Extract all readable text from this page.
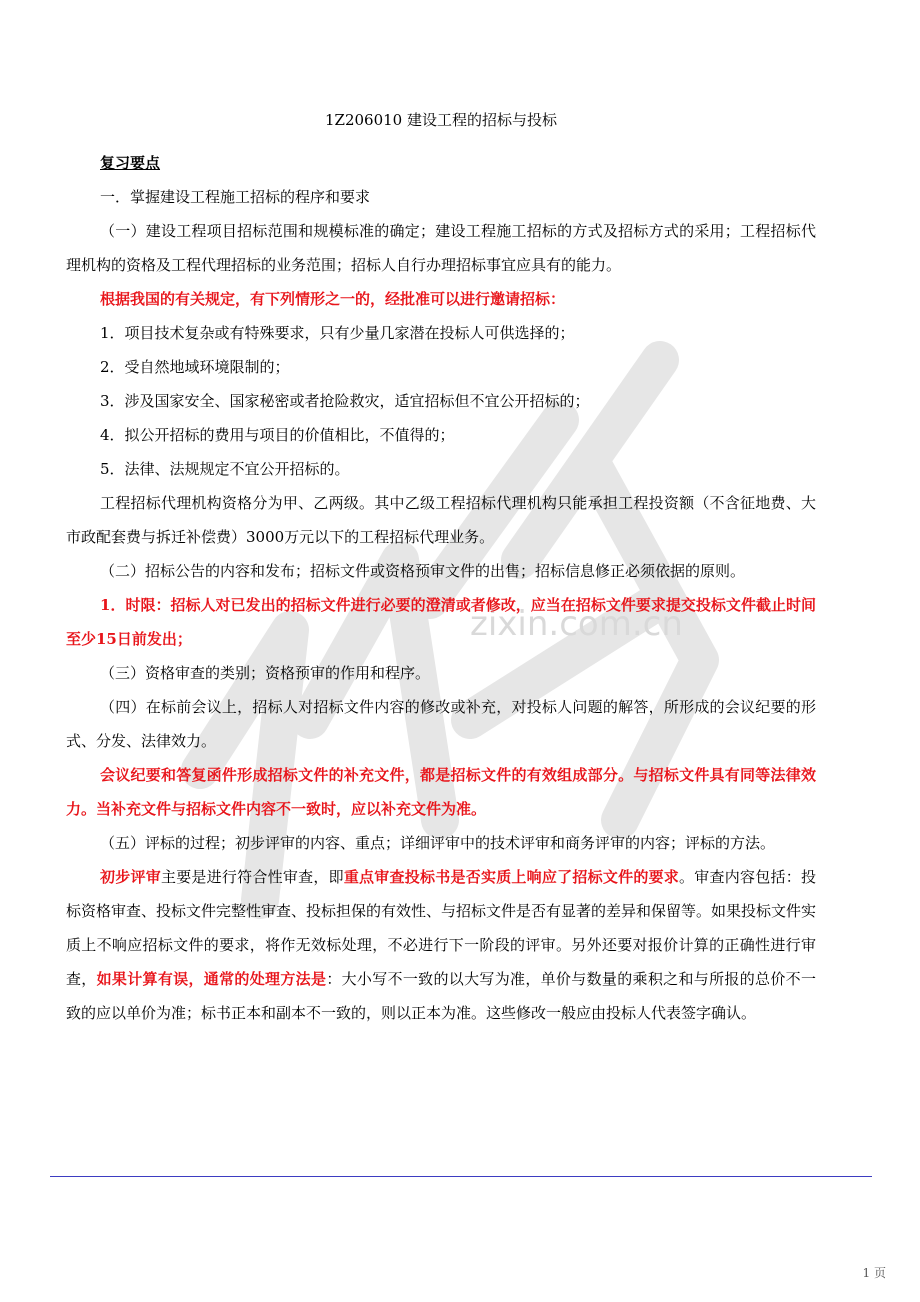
zixin.com.cn

1Z206010 建设工程的招标与投标

复习要点

一．掌握建设工程施工招标的程序和要求

（一）建设工程项目招标范围和规模标准的确定；建设工程施工招标的方式及招标方式的采用；工程招标代理机构的资格及工程代理招标的业务范围；招标人自行办理招标事宜应具有的能力。

根据我国的有关规定，有下列情形之一的，经批准可以进行邀请招标：

1．项目技术复杂或有特殊要求，只有少量几家潜在投标人可供选择的；

2．受自然地域环境限制的；

3．涉及国家安全、国家秘密或者抢险救灾，适宜招标但不宜公开招标的；

4．拟公开招标的费用与项目的价值相比，不值得的；

5．法律、法规规定不宜公开招标的。

工程招标代理机构资格分为甲、乙两级。其中乙级工程招标代理机构只能承担工程投资额（不含征地费、大市政配套费与拆迁补偿费）3000万元以下的工程招标代理业务。

（二）招标公告的内容和发布；招标文件或资格预审文件的出售；招标信息修正必须依据的原则。

1．时限：招标人对已发出的招标文件进行必要的澄清或者修改，应当在招标文件要求提交投标文件截止时间至少15日前发出；

（三）资格审查的类别；资格预审的作用和程序。

（四）在标前会议上，招标人对招标文件内容的修改或补充，对投标人问题的解答，所形成的会议纪要的形式、分发、法律效力。

会议纪要和答复函件形成招标文件的补充文件，都是招标文件的有效组成部分。与招标文件具有同等法律效力。当补充文件与招标文件内容不一致时，应以补充文件为准。

（五）评标的过程；初步评审的内容、重点；详细评审中的技术评审和商务评审的内容；评标的方法。

初步评审主要是进行符合性审查，即重点审查投标书是否实质上响应了招标文件的要求。审查内容包括：投标资格审查、投标文件完整性审查、投标担保的有效性、与招标文件是否有显著的差异和保留等。如果投标文件实质上不响应招标文件的要求，将作无效标处理，不必进行下一阶段的评审。另外还要对报价计算的正确性进行审查，如果计算有误，通常的处理方法是：大小写不一致的以大写为准，单价与数量的乘积之和与所报的总价不一致的应以单价为准；标书正本和副本不一致的，则以正本为准。这些修改一般应由投标人代表签字确认。

1 页
